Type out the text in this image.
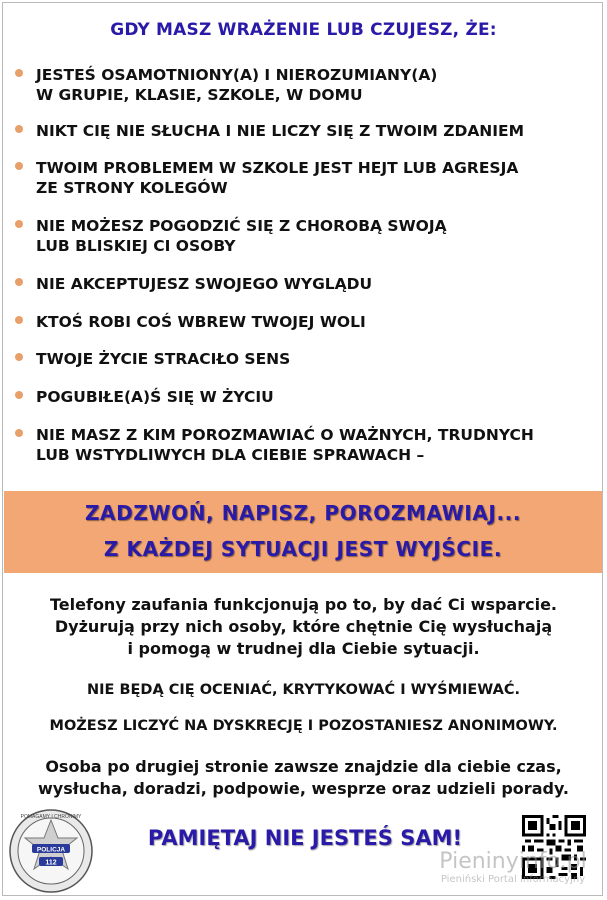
GDY MASZ WRAŻENIE LUB CZUJESZ, ŻE:
JESTEŚ OSAMOTNIONY(A) I NIEROZUMIANY(A)
W GRUPIE, KLASIE, SZKOLE, W DOMU
NIKT CIĘ NIE SŁUCHA I NIE LICZY SIĘ Z TWOIM ZDANIEM
TWOIM PROBLEMEM W SZKOLE JEST HEJT LUB AGRESJA
ZE STRONY KOLEGÓW
NIE MOŻESZ POGODZIĆ SIĘ Z CHOROBĄ SWOJĄ
LUB BLISKIEJ CI OSOBY
NIE AKCEPTUJESZ SWOJEGO WYGLĄDU
KTOŚ ROBI COŚ WBREW TWOJEJ WOLI
TWOJE ŻYCIE STRACIŁO SENS
POGUBIŁE(A)Ś SIĘ W ŻYCIU
NIE MASZ Z KIM POROZMAWIAĆ O WAŻNYCH, TRUDNYCH
LUB WSTYDLIWYCH DLA CIEBIE SPRAWACH –
ZADZWOŃ, NAPISZ, POROZMAWIAJ...
Z KAŻDEJ SYTUACJI JEST WYJŚCIE.
Telefony zaufania funkcjonują po to, by dać Ci wsparcie.
Dyżurują przy nich osoby, które chętnie Cię wysłuchają
i pomogą w trudnej dla Ciebie sytuacji.
NIE BĘDĄ CIĘ OCENIAĆ, KRYTYKOWAĆ I WYŚMIEWAĆ.
MOŻESZ LICZYĆ NA DYSKRECJĘ I POZOSTANIESZ ANONIMOWY.
Osoba po drugiej stronie zawsze znajdzie dla ciebie czas,
wysłucha, doradzi, podpowie, wesprze oraz udzieli porady.
POLICJA
112
POMAGAMY I CHRONIMY
PAMIĘTAJ NIE JESTEŚ SAM!
Pieninyinfo.pl
Pieniński Portal Informacyjny
